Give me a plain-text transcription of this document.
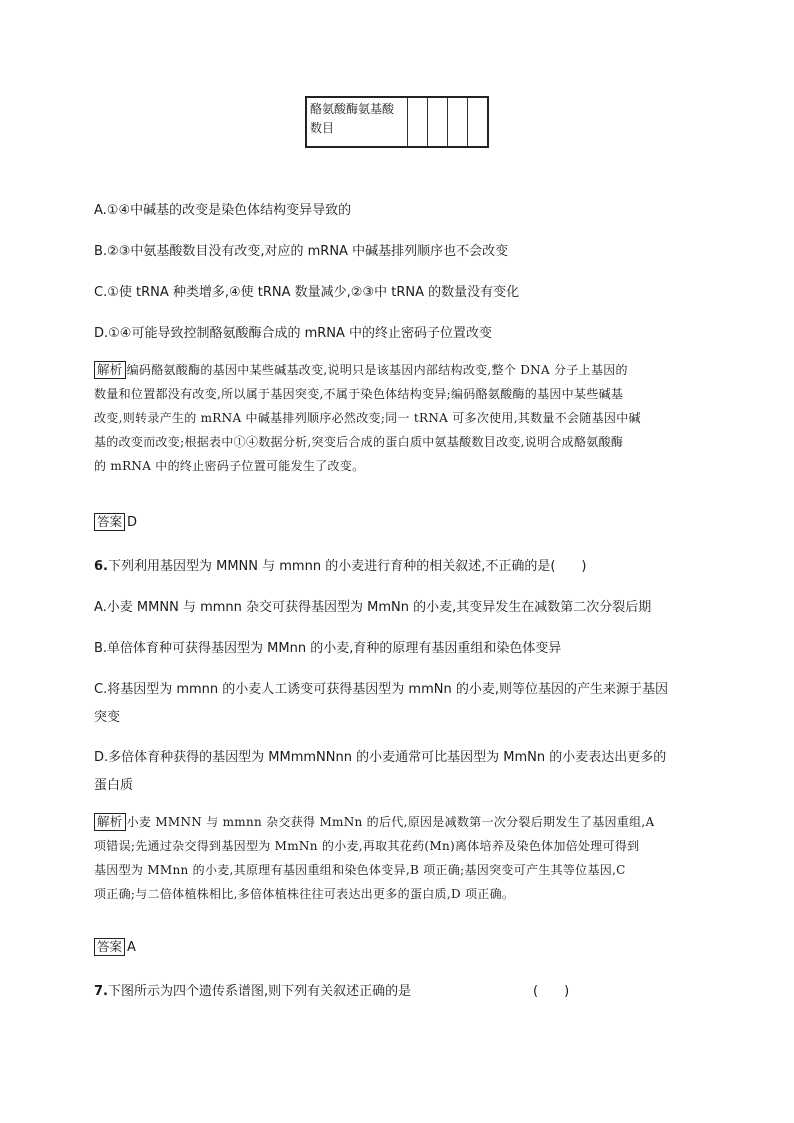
酪氨酸酶氨基酸
数目				
A.①④中碱基的改变是染色体结构变异导致的
B.②③中氨基酸数目没有改变,对应的 mRNA 中碱基排列顺序也不会改变
C.①使 tRNA 种类增多,④使 tRNA 数量减少,②③中 tRNA 的数量没有变化
D.①④可能导致控制酪氨酸酶合成的 mRNA 中的终止密码子位置改变
解析 编码酪氨酸酶的基因中某些碱基改变,说明只是该基因内部结构改变,整个 DNA 分子上基因的
数量和位置都没有改变,所以属于基因突变,不属于染色体结构变异;编码酪氨酸酶的基因中某些碱基
改变,则转录产生的 mRNA 中碱基排列顺序必然改变;同一 tRNA 可多次使用,其数量不会随基因中碱
基的改变而改变;根据表中①④数据分析,突变后合成的蛋白质中氨基酸数目改变,说明合成酪氨酸酶
的 mRNA 中的终止密码子位置可能发生了改变。
答案 D
6.下列利用基因型为 MMNN 与 mmnn 的小麦进行育种的相关叙述,不正确的是(　　)
A.小麦 MMNN 与 mmnn 杂交可获得基因型为 MmNn 的小麦,其变异发生在减数第二次分裂后期
B.单倍体育种可获得基因型为 MMnn 的小麦,育种的原理有基因重组和染色体变异
C.将基因型为 mmnn 的小麦人工诱变可获得基因型为 mmNn 的小麦,则等位基因的产生来源于基因
突变
D.多倍体育种获得的基因型为 MMmmNNnn 的小麦通常可比基因型为 MmNn 的小麦表达出更多的
蛋白质
解析 小麦 MMNN 与 mmnn 杂交获得 MmNn 的后代,原因是减数第一次分裂后期发生了基因重组,A
项错误;先通过杂交得到基因型为 MmNn 的小麦,再取其花药(Mn)离体培养及染色体加倍处理可得到
基因型为 MMnn 的小麦,其原理有基因重组和染色体变异,B 项正确;基因突变可产生其等位基因,C
项正确;与二倍体植株相比,多倍体植株往往可表达出更多的蛋白质,D 项正确。
答案 A
7.下图所示为四个遗传系谱图,则下列有关叙述正确的是	(　　)
